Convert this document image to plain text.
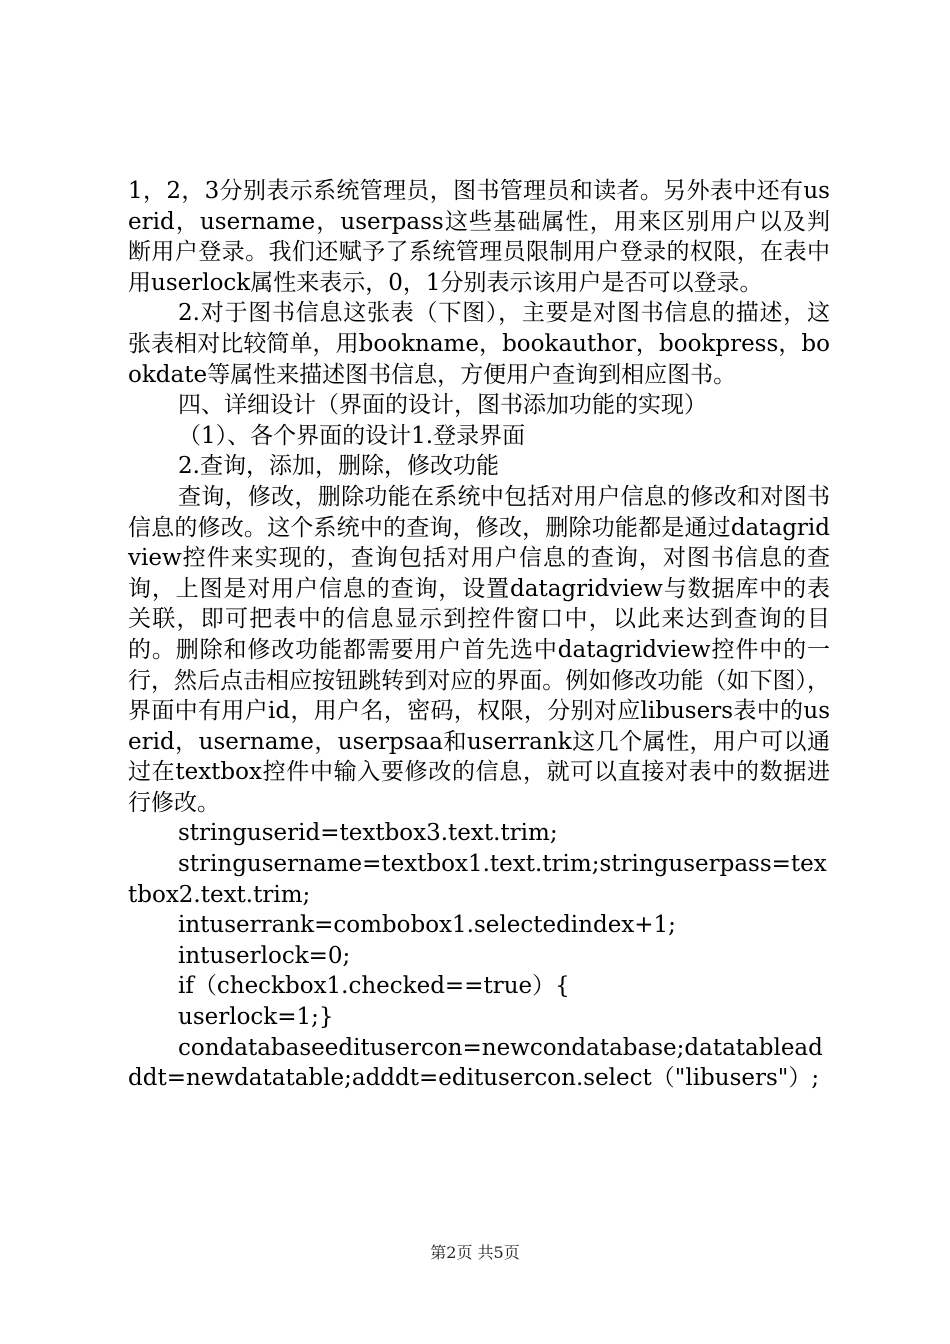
1，2，3分别表示系统管理员，图书管理员和读者。另外表中还有userid，username，userpass这些基础属性，用来区别用户以及判断用户登录。我们还赋予了系统管理员限制用户登录的权限，在表中用userlock属性来表示，0，1分别表示该用户是否可以登录。

2.对于图书信息这张表（下图），主要是对图书信息的描述，这张表相对比较简单，用bookname，bookauthor，bookpress，bookdate等属性来描述图书信息，方便用户查询到相应图书。

四、详细设计（界面的设计，图书添加功能的实现）

（1）、各个界面的设计1.登录界面

2.查询，添加，删除，修改功能

查询，修改，删除功能在系统中包括对用户信息的修改和对图书信息的修改。这个系统中的查询，修改，删除功能都是通过datagridview控件来实现的，查询包括对用户信息的查询，对图书信息的查询，上图是对用户信息的查询，设置datagridview与数据库中的表关联，即可把表中的信息显示到控件窗口中，以此来达到查询的目的。删除和修改功能都需要用户首先选中datagridview控件中的一行，然后点击相应按钮跳转到对应的界面。例如修改功能（如下图），界面中有用户id，用户名，密码，权限，分别对应libusers表中的userid，username，userpsaa和userrank这几个属性，用户可以通过在textbox控件中输入要修改的信息，就可以直接对表中的数据进行修改。

stringuserid=textbox3.text.trim;

stringusername=textbox1.text.trim;stringuserpass=textbox2.text.trim;

intuserrank=combobox1.selectedindex+1;

intuserlock=0;

if（checkbox1.checked==true）{

userlock=1;}

condatabaseeditusercon=newcondatabase;datatableadddt=newdatatable;adddt=editusercon.select（"libusers"）;

第2页 共5页
